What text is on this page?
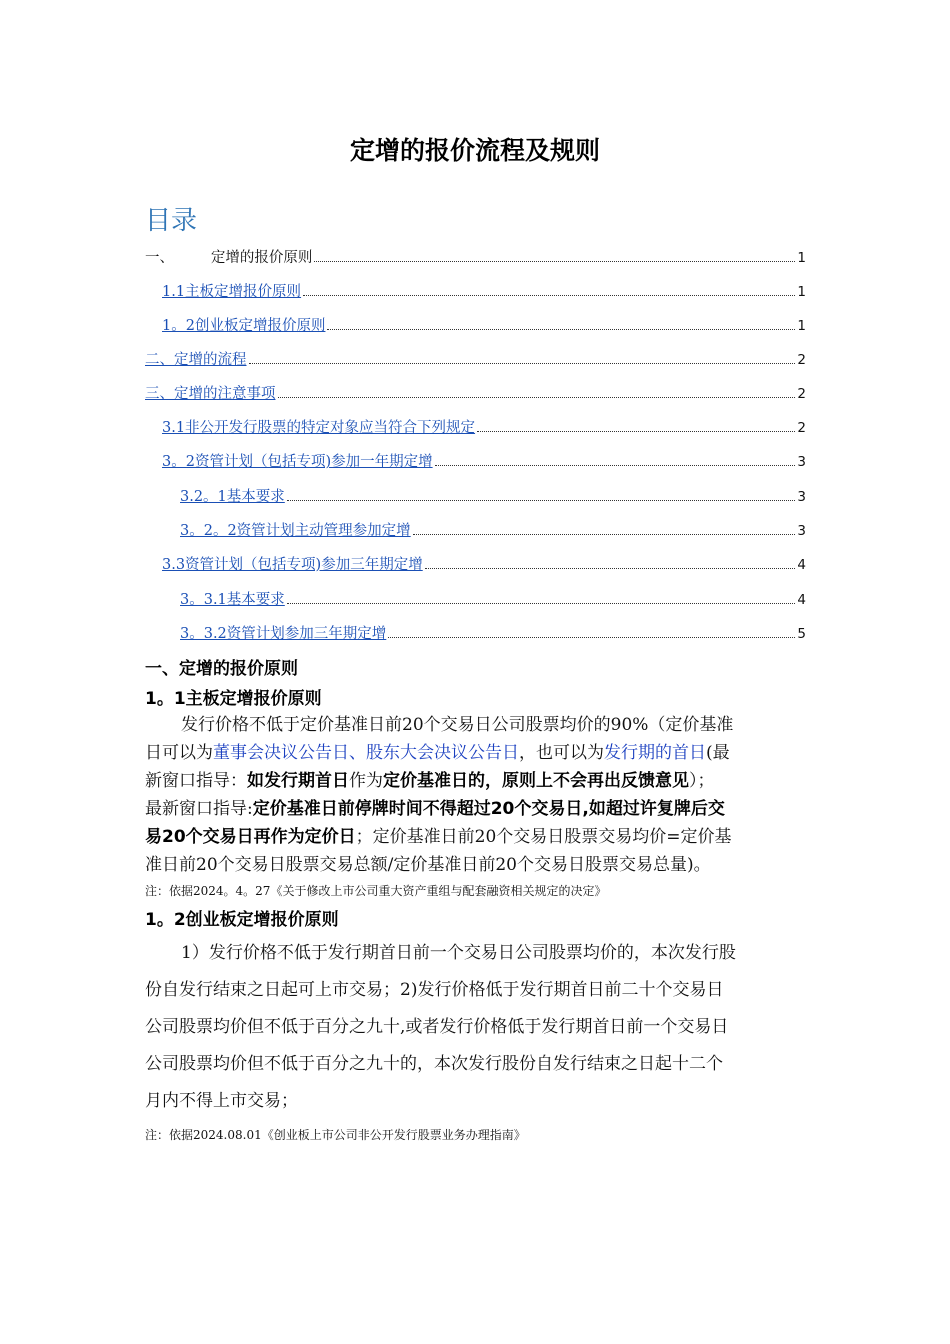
定增的报价流程及规则
目录
一、        定增的报价原则	1
1.1主板定增报价原则	1
1。2创业板定增报价原则	1
二、定增的流程	2
三、定增的注意事项	2
3.1非公开发行股票的特定对象应当符合下列规定	2
3。2资管计划（包括专项)参加一年期定增	3
3.2。1基本要求	3
3。2。2资管计划主动管理参加定增	3
3.3资管计划（包括专项)参加三年期定增	4
3。3.1基本要求	4
3。3.2资管计划参加三年期定增	5
一、定增的报价原则
1。1主板定增报价原则
发行价格不低于定价基准日前20个交易日公司股票均价的90%（定价基准
日可以为董事会决议公告日、股东大会决议公告日，也可以为发行期的首日(最
新窗口指导：如发行期首日作为定价基准日的，原则上不会再出反馈意见）；
最新窗口指导:定价基准日前停牌时间不得超过20个交易日,如超过许复牌后交
易20个交易日再作为定价日；定价基准日前20个交易日股票交易均价=定价基
准日前20个交易日股票交易总额/定价基准日前20个交易日股票交易总量)。
注：依据2024。4。27《关于修改上市公司重大资产重组与配套融资相关规定的决定》
1。2创业板定增报价原则
1）发行价格不低于发行期首日前一个交易日公司股票均价的，本次发行股
份自发行结束之日起可上市交易；2)发行价格低于发行期首日前二十个交易日
公司股票均价但不低于百分之九十,或者发行价格低于发行期首日前一个交易日
公司股票均价但不低于百分之九十的，本次发行股份自发行结束之日起十二个
月内不得上市交易；
注：依据2024.08.01《创业板上市公司非公开发行股票业务办理指南》
